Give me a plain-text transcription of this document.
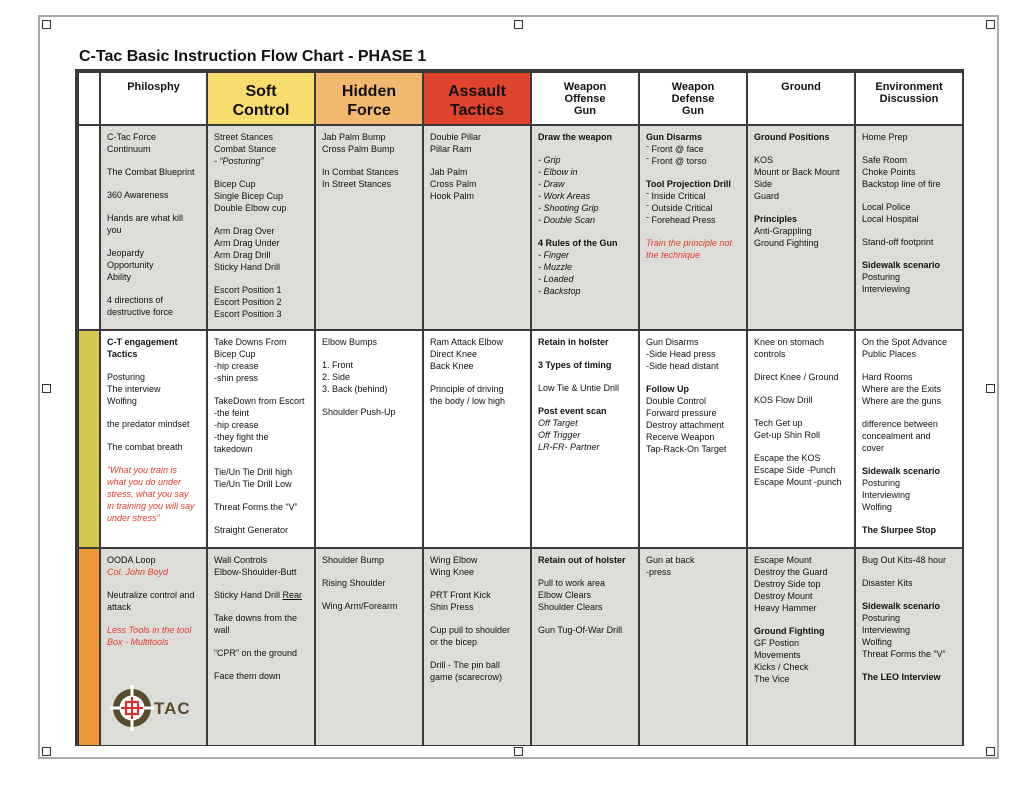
C-Tac Basic Instruction Flow Chart - PHASE 1
Philosphy	Soft
Control
Hidden
Force
Assault
Tactics
Weapon
Offense
Gun
Weapon
Defense
Gun
Ground	Environment
Discussion

C-Tac Force
Continuum

The Combat Blueprint

360 Awareness

Hands are what kill
you

Jeopardy
Opportunity
Ability

4 directions of
destructive force

Street Stances
Combat Stance

- “Posturing”

Bicep Cup
Single Bicep Cup
Double Elbow cup

Arm Drag Over
Arm Drag Under
Arm Drag Drill
Sticky Hand Drill

Escort Position 1
Escort Position 2
Escort Position 3

Jab Palm Bump
Cross Palm Bump

In Combat Stances
In Street Stances

Double Pillar
Pillar Ram

Jab Palm
Cross Palm
Hook Palm

Draw the weapon

- Grip
- Elbow in
- Draw
- Work Areas
- Shooting Grip
- Double Scan

4 Rules of the Gun

- Finger
- Muzzle
- Loaded
- Backstop

Gun Disarms

ˉ Front @ face
ˉ Front @ torso

Tool Projection Drill

ˉ Inside Critical
ˉ Outside Critical
ˉ Forehead Press

Train the principle not
the technique

Ground Positions

KOS
Mount or Back Mount
Side
Guard

Principles

Anti-Grappling
Ground Fighting

Home Prep

Safe Room
Choke Points
Backstop line of fire

Local Police
Local Hospital

Stand-off footprint

Sidewalk scenario

Posturing
Interviewing

C-T engagement
Tactics

Posturing
The interview
Wolfing

the predator mindset

The combat breath

“What you train is
what you do under
stress, what you say
in training you will say
under stress”

Take Downs From
Bicep Cup
-hip crease
-shin press

TakeDown from Escort
-the feint
-hip crease
-they fight the
takedown

Tie/Un Tie Drill high
Tie/Un Tie Drill Low

Threat Forms the “V”

Straight Generator

Elbow Bumps

1. Front
2. Side
3. Back (behind)

Shoulder Push-Up

Ram Attack Elbow
Direct Knee
Back Knee

Principle of driving
the body / low high

Retain in holster

3 Types of timing

Low Tie & Untie Drill

Post event scan

Off Target
Off Trigger
LR-FR- Partner

Gun Disarms
-Side Head press
-Side head distant

Follow Up

Double Control
Forward pressure
Destroy attachment
Receive Weapon
Tap-Rack-On Target

Knee on stomach
controls

Direct Knee / Ground

KOS Flow Drill

Tech Get up
Get-up Shin Roll

Escape the KOS
Escape Side -Punch
Escape Mount -punch

On the Spot Advance
Public Places

Hard Rooms
Where are the Exits
Where are the guns

difference between
concealment and
cover

Sidewalk scenario

Posturing
Interviewing
Wolfing

The Slurpee Stop

OODA Loop

Col. John Boyd

Neutralize control and
attack

Less Tools in the tool
Box - Multitools

Wall Controls
Elbow-Shoulder-Butt

Sticky Hand Drill Rear

Take downs from the
wall

“CPR” on the ground

Face them down

Shoulder Bump

Rising Shoulder

Wing Arm/Forearm

Wing Elbow
Wing Knee

PRT Front Kick
Shin Press

Cup pull to shoulder
or the bicep

Drill - The pin ball
game (scarecrow)

Retain out of holster

Pull to work area
Elbow Clears
Shoulder Clears

Gun Tug-Of-War Drill

Gun at back
-press

Escape Mount
Destroy the Guard
Destroy Side top
Destroy Mount
Heavy Hammer

Ground Fighting

GF Postion
Movements
Kicks / Check
The Vice

Bug Out Kits-48 hour

Disaster Kits

Sidewalk scenario

Posturing
Interviewing
Wolfing
Threat Forms the “V”

The LEO Interview

TAC
